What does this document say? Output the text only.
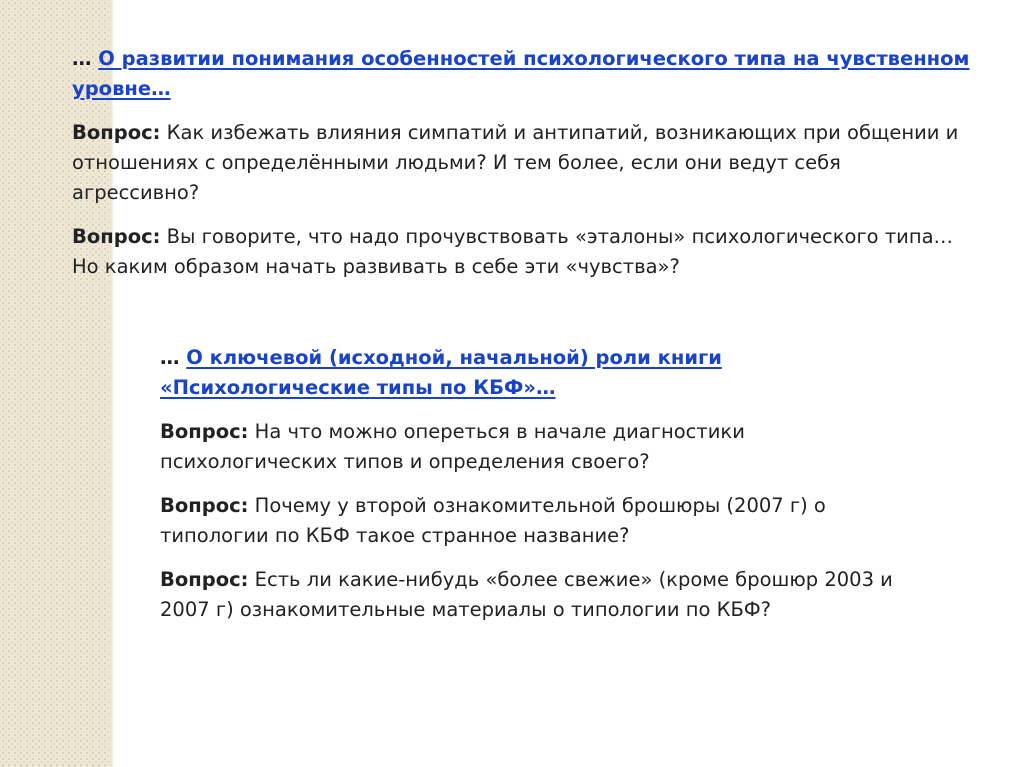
… О развитии понимания особенностей психологического типа на чувственном уровне…

Вопрос: Как избежать влияния симпатий и антипатий, возникающих при общении и отношениях с определёнными людьми? И тем более, если они ведут себя агрессивно?

Вопрос: Вы говорите, что надо прочувствовать «эталоны» психологического типа… Но каким образом начать развивать в себе эти «чувства»?

… О ключевой (исходной, начальной) роли книги «Психологические типы по КБФ»…

Вопрос: На что можно опереться в начале диагностики психологических типов и определения своего?

Вопрос: Почему у второй ознакомительной брошюры (2007 г) о типологии по КБФ такое странное название?

Вопрос: Есть ли какие-нибудь «более свежие» (кроме брошюр 2003 и 2007 г) ознакомительные материалы о типологии по КБФ?
